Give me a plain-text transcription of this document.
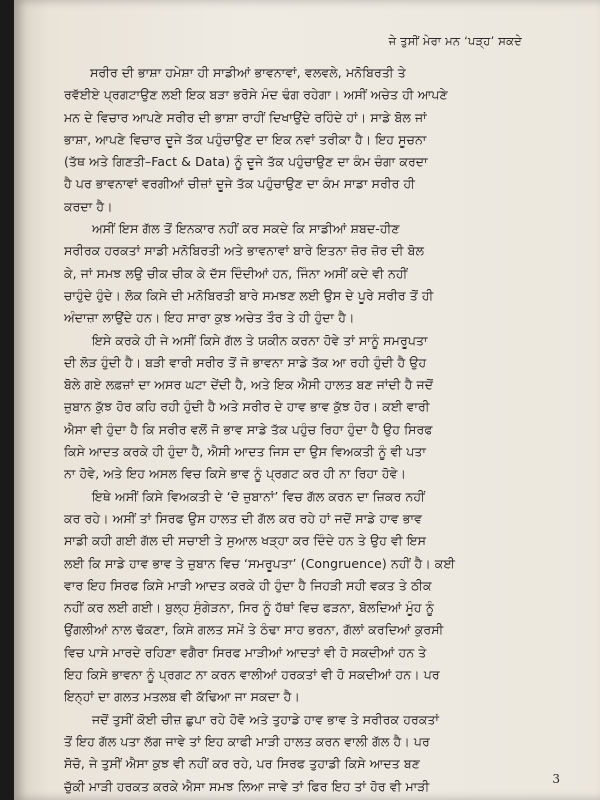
ਜੇ ਤੁਸੀਂ ਮੇਰਾ ਮਨ ‘ਪੜ੍ਹ’ ਸਕਦੇ

ਸਰੀਰ ਦੀ ਭਾਸ਼ਾ ਹਮੇਸ਼ਾ ਹੀ ਸਾਡੀਆਂ ਭਾਵਨਾਵਾਂ, ਵਲਵਲੇ, ਮਨੋਬਿਰਤੀ ਤੇ
ਰਵੱਈਏ ਪ੍ਰਗਟਾਉਣ ਲਈ ਇਕ ਬੜਾ ਭਰੋਸੇ ਮੰਦ ਢੰਗ ਰਹੇਗਾ। ਅਸੀਂ ਅਚੇਤ ਹੀ ਆਪਣੇ
ਮਨ ਦੇ ਵਿਚਾਰ ਆਪਣੇ ਸਰੀਰ ਦੀ ਭਾਸ਼ਾ ਰਾਹੀਂ ਦਿਖਾਉਂਦੇ ਰਹਿੰਦੇ ਹਾਂ। ਸਾਡੇ ਬੋਲ ਜਾਂ
ਭਾਸ਼ਾ, ਆਪਣੇ ਵਿਚਾਰ ਦੂਜੇ ਤੱਕ ਪਹੁੰਚਾਉਣ ਦਾ ਇਕ ਨਵਾਂ ਤਰੀਕਾ ਹੈ। ਇਹ ਸੂਚਨਾ
(ਤੱਥ ਅਤੇ ਗਿਣਤੀ–Fact & Data) ਨੂੰ ਦੂਜੇ ਤੱਕ ਪਹੁੰਚਾਉਣ ਦਾ ਕੰਮ ਚੰਗਾ ਕਰਦਾ
ਹੈ ਪਰ ਭਾਵਨਾਵਾਂ ਵਰਗੀਆਂ ਚੀਜ਼ਾਂ ਦੂਜੇ ਤੱਕ ਪਹੁੰਚਾਉਣ ਦਾ ਕੰਮ ਸਾਡਾ ਸਰੀਰ ਹੀ
ਕਰਦਾ ਹੈ।

ਅਸੀਂ ਇਸ ਗੱਲ ਤੋਂ ਇਨਕਾਰ ਨਹੀਂ ਕਰ ਸਕਦੇ ਕਿ ਸਾਡੀਆਂ ਸ਼ਬਦ-ਹੀਣ
ਸਰੀਰਕ ਹਰਕਤਾਂ ਸਾਡੀ ਮਨੋਬਿਰਤੀ ਅਤੇ ਭਾਵਨਾਵਾਂ ਬਾਰੇ ਇਤਨਾ ਜ਼ੋਰ ਜ਼ੋਰ ਦੀ ਬੋਲ
ਕੇ, ਜਾਂ ਸਮਝ ਲਉ ਚੀਕ ਚੀਕ ਕੇ ਦੱਸ ਦਿੰਦੀਆਂ ਹਨ, ਜਿੰਨਾ ਅਸੀਂ ਕਦੇ ਵੀ ਨਹੀਂ
ਚਾਹੁੰਦੇ ਹੁੰਦੇ। ਲੋਕ ਕਿਸੇ ਦੀ ਮਨੋਬਿਰਤੀ ਬਾਰੇ ਸਮਝਣ ਲਈ ਉਸ ਦੇ ਪੂਰੇ ਸਰੀਰ ਤੋਂ ਹੀ
ਅੰਦਾਜ਼ਾ ਲਾਉਂਦੇ ਹਨ। ਇਹ ਸਾਰਾ ਕੁਝ ਅਚੇਤ ਤੌਰ ਤੇ ਹੀ ਹੁੰਦਾ ਹੈ।

ਇਸੇ ਕਰਕੇ ਹੀ ਜੇ ਅਸੀਂ ਕਿਸੇ ਗੱਲ ਤੇ ਯਕੀਨ ਕਰਨਾ ਹੋਵੇ ਤਾਂ ਸਾਨੂੰ ਸਮਰੂਪਤਾ
ਦੀ ਲੋੜ ਹੁੰਦੀ ਹੈ। ਬੜੀ ਵਾਰੀ ਸਰੀਰ ਤੋਂ ਜੋ ਭਾਵਨਾ ਸਾਡੇ ਤੱਕ ਆ ਰਹੀ ਹੁੰਦੀ ਹੈ ਉਹ
ਬੋਲੇ ਗਏ ਲਫ਼ਜ਼ਾਂ ਦਾ ਅਸਰ ਘਟਾ ਦੇਂਦੀ ਹੈ, ਅਤੇ ਇਕ ਐਸੀ ਹਾਲਤ ਬਣ ਜਾਂਦੀ ਹੈ ਜਦੋਂ
ਜ਼ੁਬਾਨ ਕੁੱਝ ਹੋਰ ਕਹਿ ਰਹੀ ਹੁੰਦੀ ਹੈ ਅਤੇ ਸਰੀਰ ਦੇ ਹਾਵ ਭਾਵ ਕੁੱਝ ਹੋਰ। ਕਈ ਵਾਰੀ
ਐਸਾ ਵੀ ਹੁੰਦਾ ਹੈ ਕਿ ਸਰੀਰ ਵਲੋਂ ਜੋ ਭਾਵ ਸਾਡੇ ਤੱਕ ਪਹੁੰਚ ਰਿਹਾ ਹੁੰਦਾ ਹੈ ਉਹ ਸਿਰਫ
ਕਿਸੇ ਆਦਤ ਕਰਕੇ ਹੀ ਹੁੰਦਾ ਹੈ, ਐਸੀ ਆਦਤ ਜਿਸ ਦਾ ਉਸ ਵਿਅਕਤੀ ਨੂੰ ਵੀ ਪਤਾ
ਨਾ ਹੋਵੇ, ਅਤੇ ਇਹ ਅਸਲ ਵਿਚ ਕਿਸੇ ਭਾਵ ਨੂੰ ਪ੍ਰਗਟ ਕਰ ਹੀ ਨਾ ਰਿਹਾ ਹੋਵੇ।

ਇਥੇ ਅਸੀਂ ਕਿਸੇ ਵਿਅਕਤੀ ਦੇ ‘ਦੋ ਜ਼ੁਬਾਨਾਂ’ ਵਿਚ ਗੱਲ ਕਰਨ ਦਾ ਜ਼ਿਕਰ ਨਹੀਂ
ਕਰ ਰਹੇ। ਅਸੀਂ ਤਾਂ ਸਿਰਫ ਉਸ ਹਾਲਤ ਦੀ ਗੱਲ ਕਰ ਰਹੇ ਹਾਂ ਜਦੋਂ ਸਾਡੇ ਹਾਵ ਭਾਵ
ਸਾਡੀ ਕਹੀ ਗਈ ਗੱਲ ਦੀ ਸਚਾਈ ਤੇ ਸੁਆਲ ਖੜ੍ਹਾ ਕਰ ਦਿੰਦੇ ਹਨ ਤੇ ਉਹ ਵੀ ਇਸ
ਲਈ ਕਿ ਸਾਡੇ ਹਾਵ ਭਾਵ ਤੇ ਜ਼ੁਬਾਨ ਵਿਚ ‘ਸਮਰੂਪਤਾ’ (Congruence) ਨਹੀਂ ਹੈ। ਕਈ
ਵਾਰ ਇਹ ਸਿਰਫ ਕਿਸੇ ਮਾੜੀ ਆਦਤ ਕਰਕੇ ਹੀ ਹੁੰਦਾ ਹੈ ਜਿਹੜੀ ਸਹੀ ਵਕਤ ਤੇ ਠੀਕ
ਨਹੀਂ ਕਰ ਲਈ ਗਈ। ਬੁਲ੍ਹ ਸੁੰਗੇੜਨਾ, ਸਿਰ ਨੂੰ ਹੱਥਾਂ ਵਿਚ ਫੜਨਾ, ਬੋਲਦਿਆਂ ਮੂੰਹ ਨੂੰ
ਉਂਗਲੀਆਂ ਨਾਲ ਢੱਕਣਾ, ਕਿਸੇ ਗਲਤ ਸਮੇਂ ਤੇ ਠੰਢਾ ਸਾਹ ਭਰਨਾ, ਗੱਲਾਂ ਕਰਦਿਆਂ ਕੁਰਸੀ
ਵਿਚ ਪਾਸੇ ਮਾਰਦੇ ਰਹਿਣਾ ਵਗੈਰਾ ਸਿਰਫ ਮਾੜੀਆਂ ਆਦਤਾਂ ਵੀ ਹੋ ਸਕਦੀਆਂ ਹਨ ਤੇ
ਇਹ ਕਿਸੇ ਭਾਵਨਾ ਨੂੰ ਪ੍ਰਗਟ ਨਾ ਕਰਨ ਵਾਲੀਆਂ ਹਰਕਤਾਂ ਵੀ ਹੋ ਸਕਦੀਆਂ ਹਨ। ਪਰ
ਇਨ੍ਹਾਂ ਦਾ ਗਲਤ ਮਤਲਬ ਵੀ ਕੱਢਿਆ ਜਾ ਸਕਦਾ ਹੈ।

ਜਦੋਂ ਤੁਸੀਂ ਕੋਈ ਚੀਜ਼ ਛੁਪਾ ਰਹੇ ਹੋਵੋ ਅਤੇ ਤੁਹਾਡੇ ਹਾਵ ਭਾਵ ਤੇ ਸਰੀਰਕ ਹਰਕਤਾਂ
ਤੋਂ ਇਹ ਗੱਲ ਪਤਾ ਲੱਗ ਜਾਵੇ ਤਾਂ ਇਹ ਕਾਫੀ ਮਾੜੀ ਹਾਲਤ ਕਰਨ ਵਾਲੀ ਗੱਲ ਹੈ। ਪਰ
ਸੋਚੋ, ਜੇ ਤੁਸੀਂ ਐਸਾ ਕੁਝ ਵੀ ਨਹੀਂ ਕਰ ਰਹੇ, ਪਰ ਸਿਰਫ ਤੁਹਾਡੀ ਕਿਸੇ ਆਦਤ ਬਣ
ਚੁੱਕੀ ਮਾੜੀ ਹਰਕਤ ਕਰਕੇ ਐਸਾ ਸਮਝ ਲਿਆ ਜਾਵੇ ਤਾਂ ਫਿਰ ਇਹ ਤਾਂ ਹੋਰ ਵੀ ਮਾੜੀ	3
